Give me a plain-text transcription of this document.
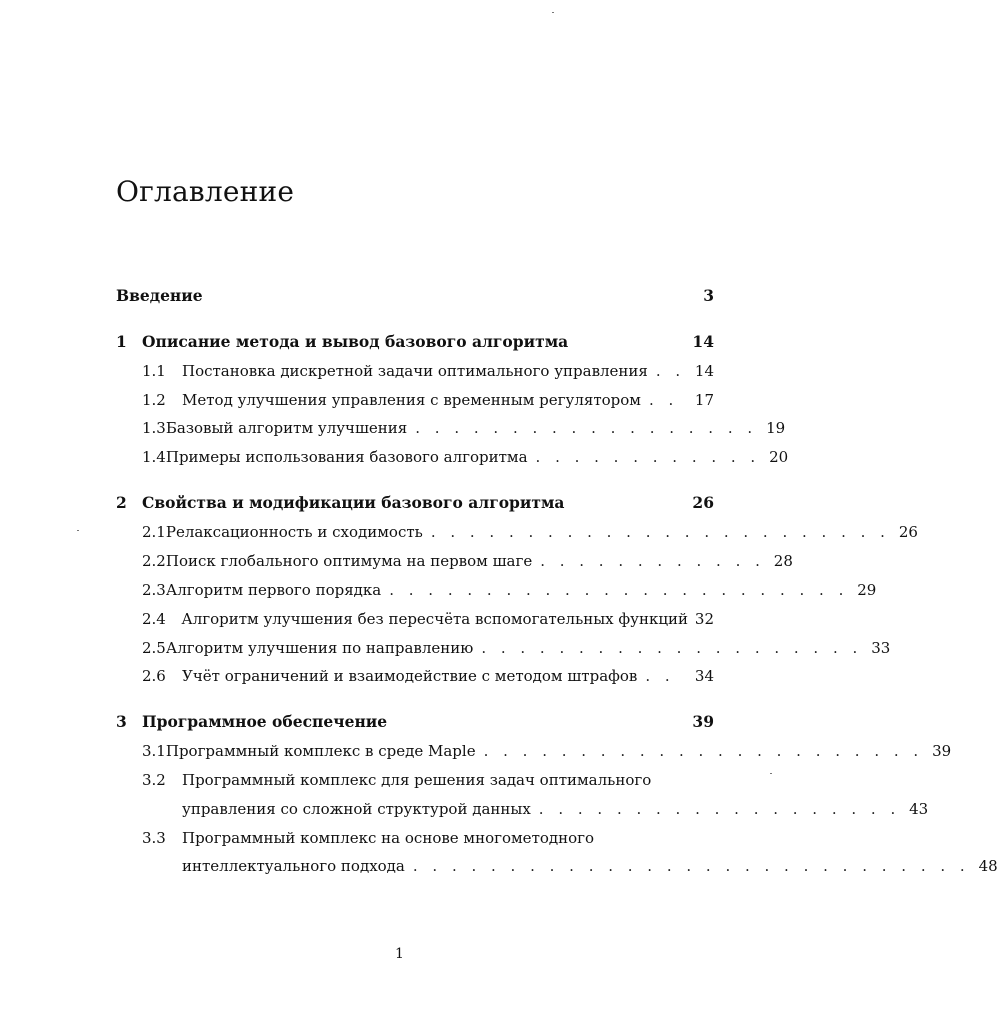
Оглавление
Введение	3
1 Описание метода и вывод базового алгоритма	14
1.1	Постановка дискретной задачи оптимального управления . . 14
1.2	Метод улучшения управления с временным регулятором . .	17
1.3 Базовый алгоритм улучшения . . . . . . . . . . . . . . . . . . 19
1.4 Примеры использования базового алгоритма . . . . . . . . . . . . 20
2 Свойства и модификации базового алгоритма	26
2.1 Релаксационность и сходимость . . . . . . . . . . . . . . . . . . . . . . . . 26
2.2 Поиск глобального оптимума на первом шаге . . . . . . . . . . . . 28
2.3 Алгоритм первого порядка . . . . . . . . . . . . . . . . . . . . . . . . 29
2.4	Алгоритм улучшения без пересчёта вспомогательных функций 32
2.5 Алгоритм улучшения по направлению . . . . . . . . . . . . . . . . . . . . 33
2.6	Учёт ограничений и взаимодействие с методом штрафов . .	34
3 Программное обеспечение	39
3.1 Программный комплекс в среде Maple . . . . . . . . . . . . . . . . . . . . . . . 39
3.2	Программный комплекс для решения задач оптимального
управления со сложной структурой данных . . . . . . . . . . . . . . . . . . . 43
3.3	Программный комплекс на основе многометодного
интеллектуального подхода . . . . . . . . . . . . . . . . . . . . . . . . . . . . . 48
1
